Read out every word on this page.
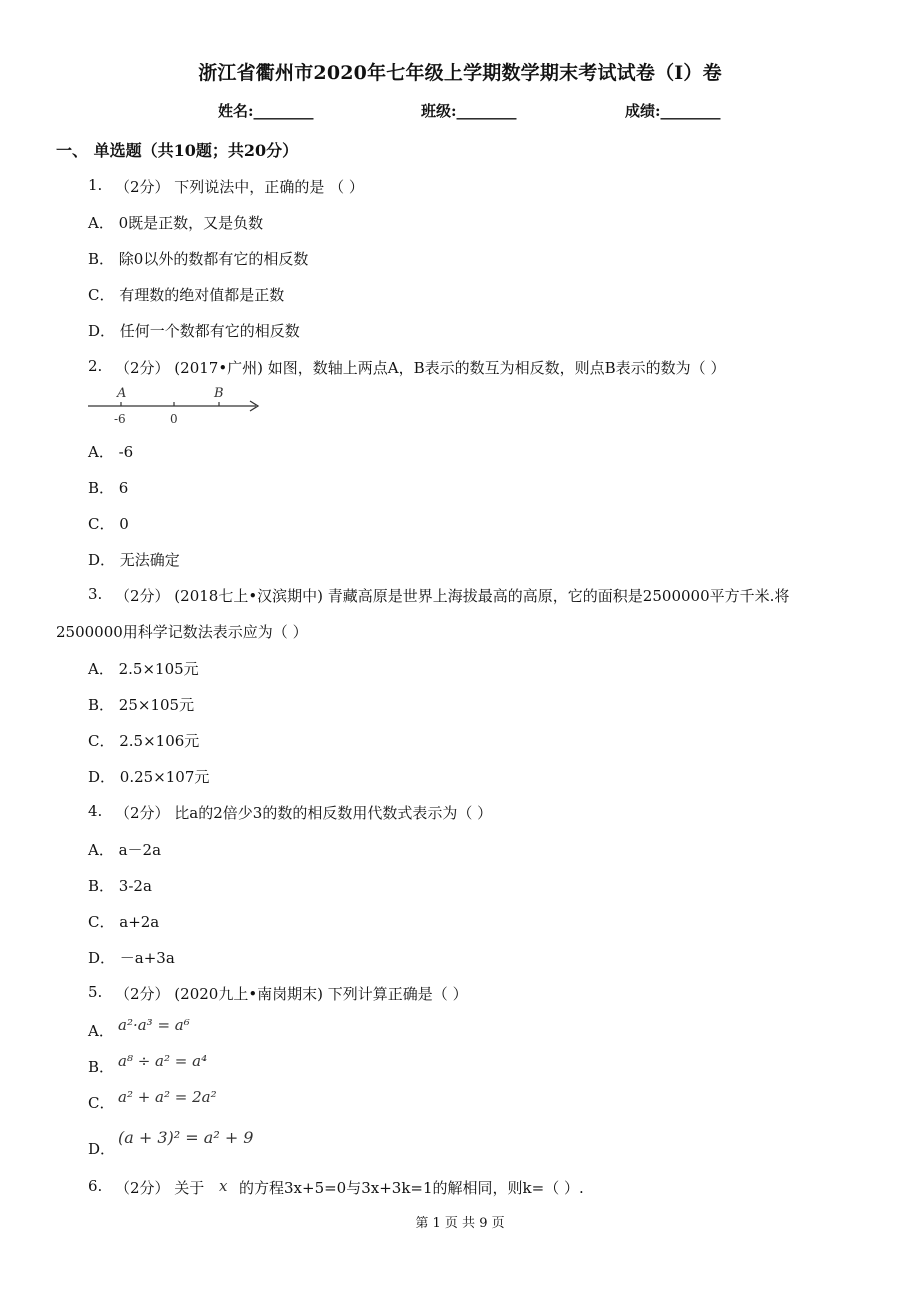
浙江省衢州市2020年七年级上学期数学期末考试试卷（I）卷
姓名:________	班级:________	成绩:________
一、 单选题（共10题；共20分）
1. （2分） 下列说法中，正确的是 （ ）
A． 0既是正数，又是负数
B． 除0以外的数都有它的相反数
C． 有理数的绝对值都是正数
D． 任何一个数都有它的相反数
2. （2分） (2017•广州) 如图，数轴上两点A，B表示的数互为相反数，则点B表示的数为（ ）
A	B
-6	0
A． -6
B． 6
C． 0
D． 无法确定
3. （2分） (2018七上•汉滨期中) 青藏高原是世界上海拔最高的高原，它的面积是2500000平方千米.将
2500000用科学记数法表示应为（ ）
A． 2.5×105元
B． 25×105元
C． 2.5×106元
D． 0.25×107元
4. （2分） 比a的2倍少3的数的相反数用代数式表示为（ ）
A． a－2a
B． 3-2a
C． a+2a
D． －a+3a
5. （2分） (2020九上•南岗期末) 下列计算正确是（ ）
A． a²·a³ = a⁶
B． a⁸ ÷ a² = a⁴
C． a² + a² = 2a²
D．
(a + 3)² = a² + 9
6. （2分） 关于 x 的方程3x+5=0与3x+3k=1的解相同，则k=（ ）.
第 1 页 共 9 页
